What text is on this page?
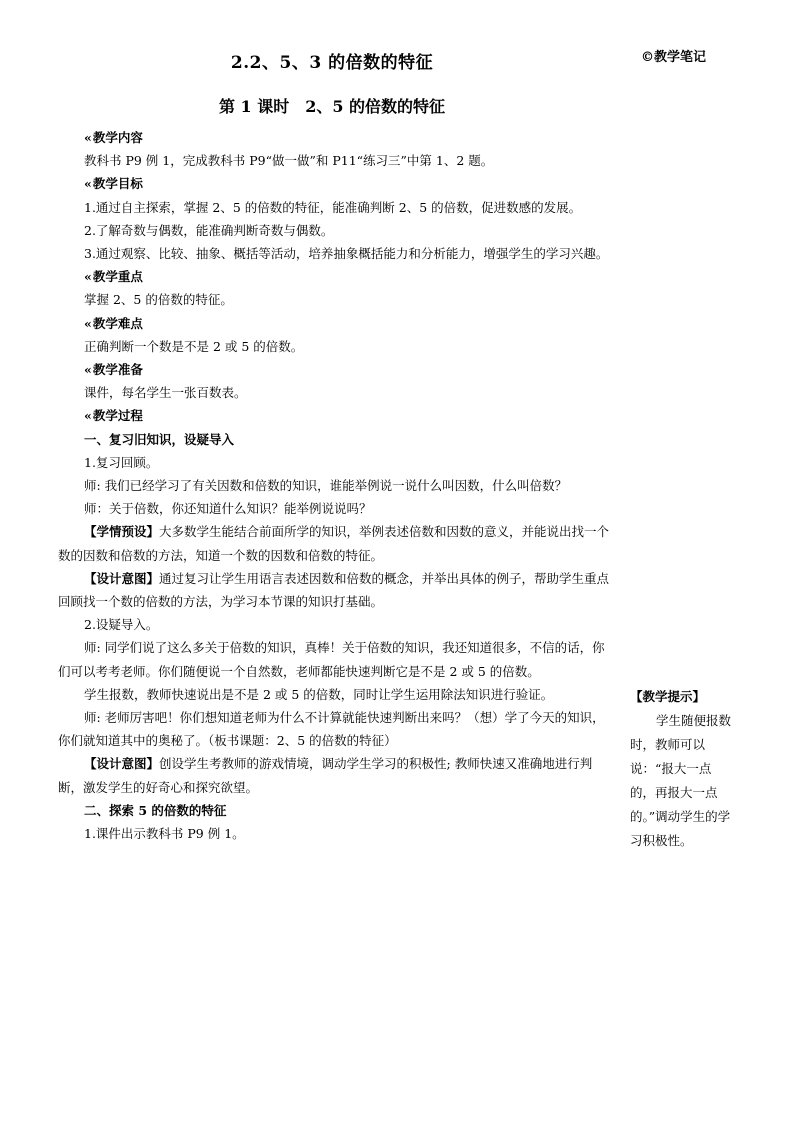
2.2、5、3 的倍数的特征	©教学笔记
第 1 课时　2、5 的倍数的特征

«教学内容

教科书 P9 例 1，完成教科书 P9“做一做”和 P11“练习三”中第 1、2 题。

«教学目标

1.通过自主探索，掌握 2、5 的倍数的特征，能准确判断 2、5 的倍数，促进数感的发展。

2.了解奇数与偶数，能准确判断奇数与偶数。

3.通过观察、比较、抽象、概括等活动，培养抽象概括能力和分析能力，增强学生的学习兴趣。

«教学重点

掌握 2、5 的倍数的特征。

«教学难点

正确判断一个数是不是 2 或 5 的倍数。

«教学准备

课件，每名学生一张百数表。

«教学过程

一、复习旧知识，设疑导入

1.复习回顾。

师: 我们已经学习了有关因数和倍数的知识，谁能举例说一说什么叫因数，什么叫倍数？

师：关于倍数，你还知道什么知识？能举例说说吗？

【学情预设】大多数学生能结合前面所学的知识，举例表述倍数和因数的意义，并能说出找一个数的因数和倍数的方法，知道一个数的因数和倍数的特征。

【设计意图】通过复习让学生用语言表述因数和倍数的概念，并举出具体的例子，帮助学生重点回顾找一个数的倍数的方法，为学习本节课的知识打基础。

2.设疑导入。

师: 同学们说了这么多关于倍数的知识，真棒！关于倍数的知识，我还知道很多，不信的话，你们可以考考老师。你们随便说一个自然数，老师都能快速判断它是不是 2 或 5 的倍数。

学生报数，教师快速说出是不是 2 或 5 的倍数，同时让学生运用除法知识进行验证。

师: 老师厉害吧！你们想知道老师为什么不计算就能快速判断出来吗？（想）学了今天的知识，你们就知道其中的奥秘了。（板书课题：2、5 的倍数的特征）

【设计意图】创设学生考教师的游戏情境，调动学生学习的积极性; 教师快速又准确地进行判断，激发学生的好奇心和探究欲望。

二、探索 5 的倍数的特征

1.课件出示教科书 P9 例 1。

【教学提示】

学生随便报数时，教师可以说：“报大一点的，再报大一点的。”调动学生的学习积极性。
